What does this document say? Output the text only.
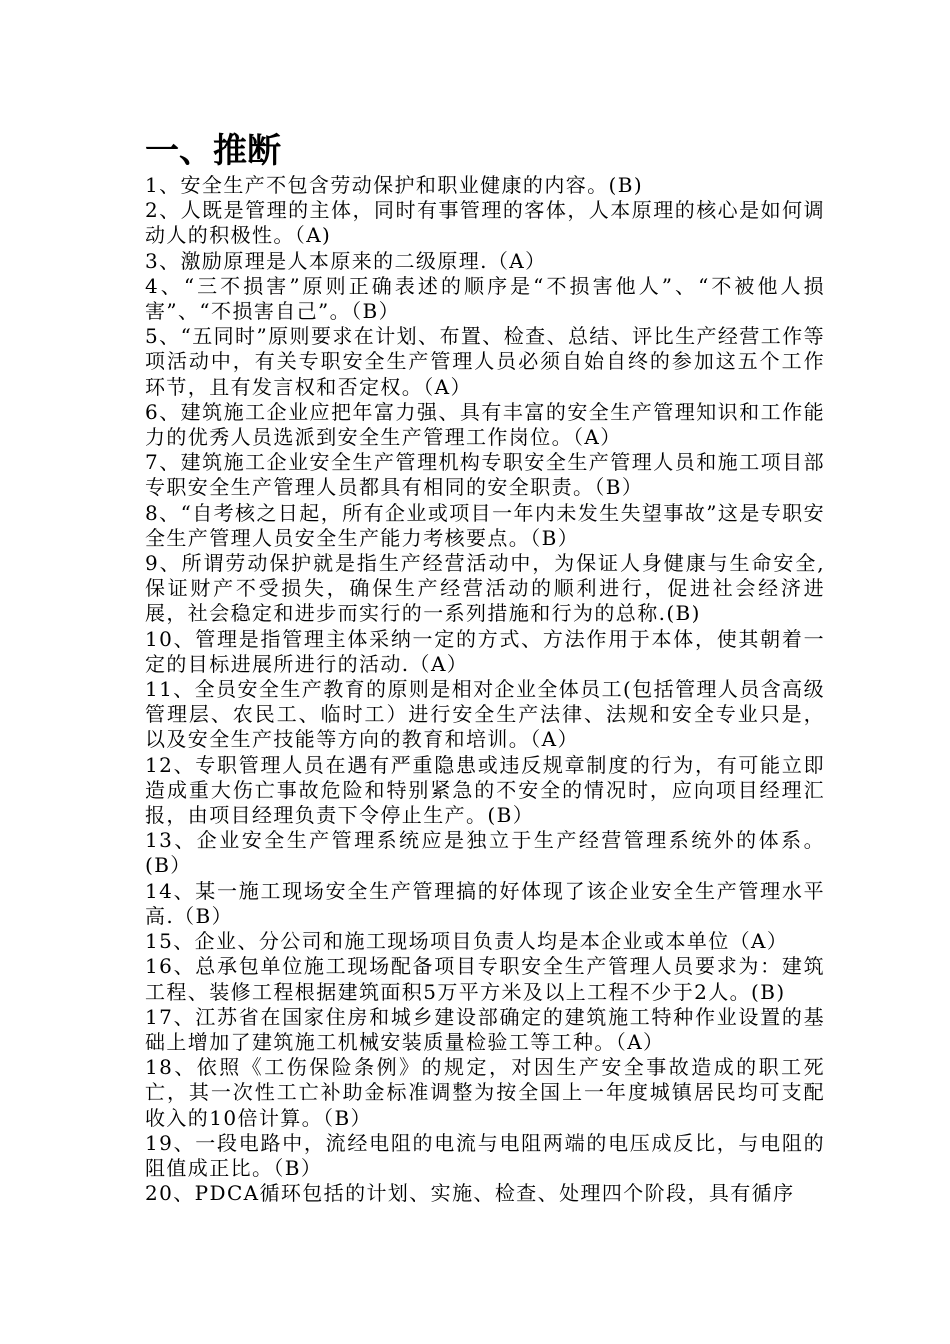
一、推断

1、安全生产不包含劳动保护和职业健康的内容。(B)

2、人既是管理的主体，同时有事管理的客体，人本原理的核心是如何调动人的积极性。（A)

3、激励原理是人本原来的二级原理.（A）

4、“三不损害”原则正确表述的顺序是“不损害他人”、“不被他人损害”、“不损害自己”。（B）

5、“五同时”原则要求在计划、布置、检查、总结、评比生产经营工作等项活动中，有关专职安全生产管理人员必须自始自终的参加这五个工作环节，且有发言权和否定权。（A）

6、建筑施工企业应把年富力强、具有丰富的安全生产管理知识和工作能力的优秀人员选派到安全生产管理工作岗位。（A）

7、建筑施工企业安全生产管理机构专职安全生产管理人员和施工项目部专职安全生产管理人员都具有相同的安全职责。（B）

8、“自考核之日起，所有企业或项目一年内未发生失望事故”这是专职安全生产管理人员安全生产能力考核要点。（B）

9、所谓劳动保护就是指生产经营活动中，为保证人身健康与生命安全,保证财产不受损失，确保生产经营活动的顺利进行，促进社会经济进展，社会稳定和进步而实行的一系列措施和行为的总称.(B)

10、管理是指管理主体采纳一定的方式、方法作用于本体，使其朝着一定的目标进展所进行的活动.（A）

11、全员安全生产教育的原则是相对企业全体员工(包括管理人员含高级管理层、农民工、临时工）进行安全生产法律、法规和安全专业只是，以及安全生产技能等方向的教育和培训。（A）

12、专职管理人员在遇有严重隐患或违反规章制度的行为，有可能立即造成重大伤亡事故危险和特别紧急的不安全的情况时，应向项目经理汇报，由项目经理负责下令停止生产。(B）

13、企业安全生产管理系统应是独立于生产经营管理系统外的体系。(B）

14、某一施工现场安全生产管理搞的好体现了该企业安全生产管理水平高.（B）

15、企业、分公司和施工现场项目负责人均是本企业或本单位（A）

16、总承包单位施工现场配备项目专职安全生产管理人员要求为：建筑工程、装修工程根据建筑面积5万平方米及以上工程不少于2人。(B)

17、江苏省在国家住房和城乡建设部确定的建筑施工特种作业设置的基础上增加了建筑施工机械安装质量检验工等工种。（A）

18、依照《工伤保险条例》的规定，对因生产安全事故造成的职工死亡，其一次性工亡补助金标准调整为按全国上一年度城镇居民均可支配收入的10倍计算。（B）

19、一段电路中，流经电阻的电流与电阻两端的电压成反比，与电阻的阻值成正比。（B）

20、PDCA循环包括的计划、实施、检查、处理四个阶段，具有循序
